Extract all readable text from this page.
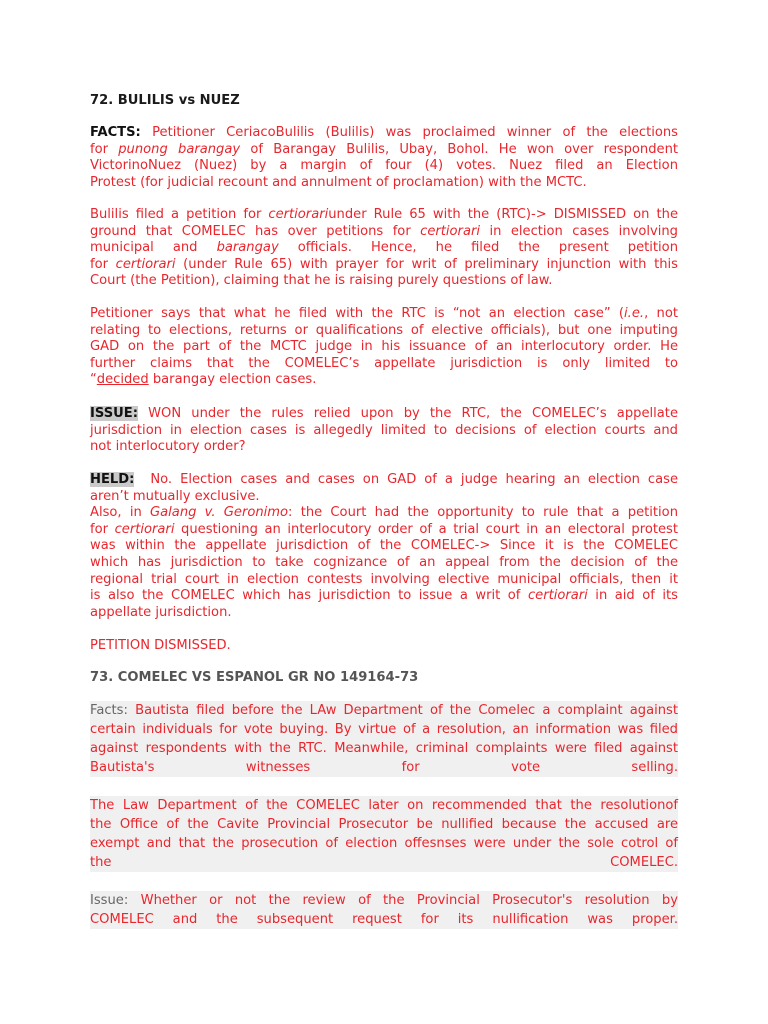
72. BULILIS vs NUEZ
FACTS: Petitioner CeriacoBulilis (Bulilis) was proclaimed winner of the elections
for punong barangay of Barangay Bulilis, Ubay, Bohol. He won over respondent
VictorinoNuez (Nuez) by a margin of four (4) votes. Nuez filed an Election
Protest (for judicial recount and annulment of proclamation) with the MCTC.
Bulilis filed a petition for certiorariunder Rule 65 with the (RTC)-> DISMISSED on the
ground that COMELEC has over petitions for certiorari in election cases involving
municipal and barangay officials. Hence, he filed the present petition
for certiorari (under Rule 65) with prayer for writ of preliminary injunction with this
Court (the Petition), claiming that he is raising purely questions of law.
Petitioner says that what he filed with the RTC is “not an election case” (i.e., not
relating to elections, returns or qualifications of elective officials), but one imputing
GAD on the part of the MCTC judge in his issuance of an interlocutory order. He
further claims that the COMELEC’s appellate jurisdiction is only limited to
“decided barangay election cases.
ISSUE: WON under the rules relied upon by the RTC, the COMELEC’s appellate
jurisdiction in election cases is allegedly limited to decisions of election courts and
not interlocutory order?
HELD: No. Election cases and cases on GAD of a judge hearing an election case
aren’t mutually exclusive.
Also, in Galang v. Geronimo: the Court had the opportunity to rule that a petition
for certiorari questioning an interlocutory order of a trial court in an electoral protest
was within the appellate jurisdiction of the COMELEC-> Since it is the COMELEC
which has jurisdiction to take cognizance of an appeal from the decision of the
regional trial court in election contests involving elective municipal officials, then it
is also the COMELEC which has jurisdiction to issue a writ of certiorari in aid of its
appellate jurisdiction.
PETITION DISMISSED.
73. COMELEC VS ESPANOL GR NO 149164-73
Facts: Bautista filed before the LAw Department of the Comelec a complaint against
certain individuals for vote buying. By virtue of a resolution, an information was filed
against respondents with the RTC. Meanwhile, criminal complaints were filed against
Bautista's witnesses for vote selling.
The Law Department of the COMELEC later on recommended that the resolutionof
the Office of the Cavite Provincial Prosecutor be nullified because the accused are
exempt and that the prosecution of election offesnses were under the sole cotrol of
the COMELEC.
Issue: Whether or not the review of the Provincial Prosecutor's resolution by
COMELEC and the subsequent request for its nullification was proper.
